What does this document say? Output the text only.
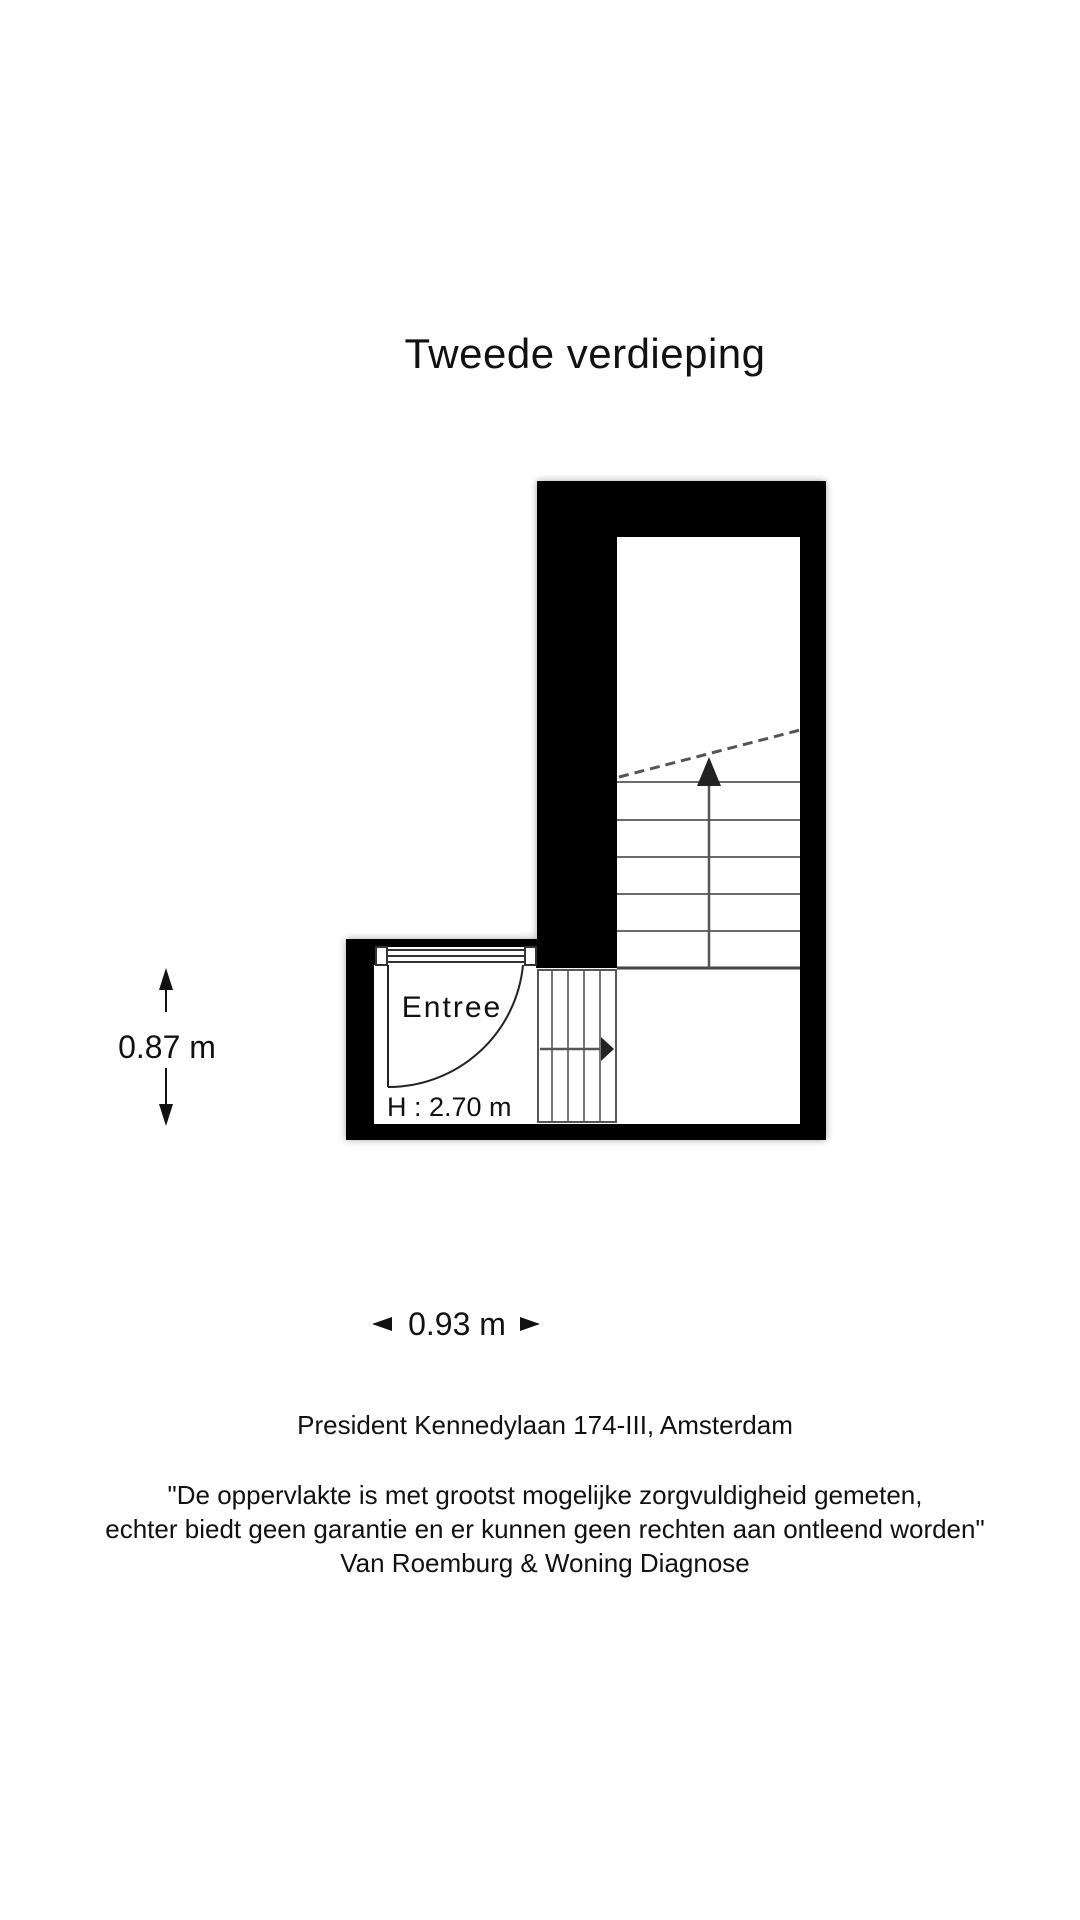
Tweede verdieping
Entree
H : 2.70 m
0.87 m
0.93 m
President Kennedylaan 174-III, Amsterdam
"De oppervlakte is met grootst mogelijke zorgvuldigheid gemeten,
echter biedt geen garantie en er kunnen geen rechten aan ontleend worden"
Van Roemburg & Woning Diagnose
